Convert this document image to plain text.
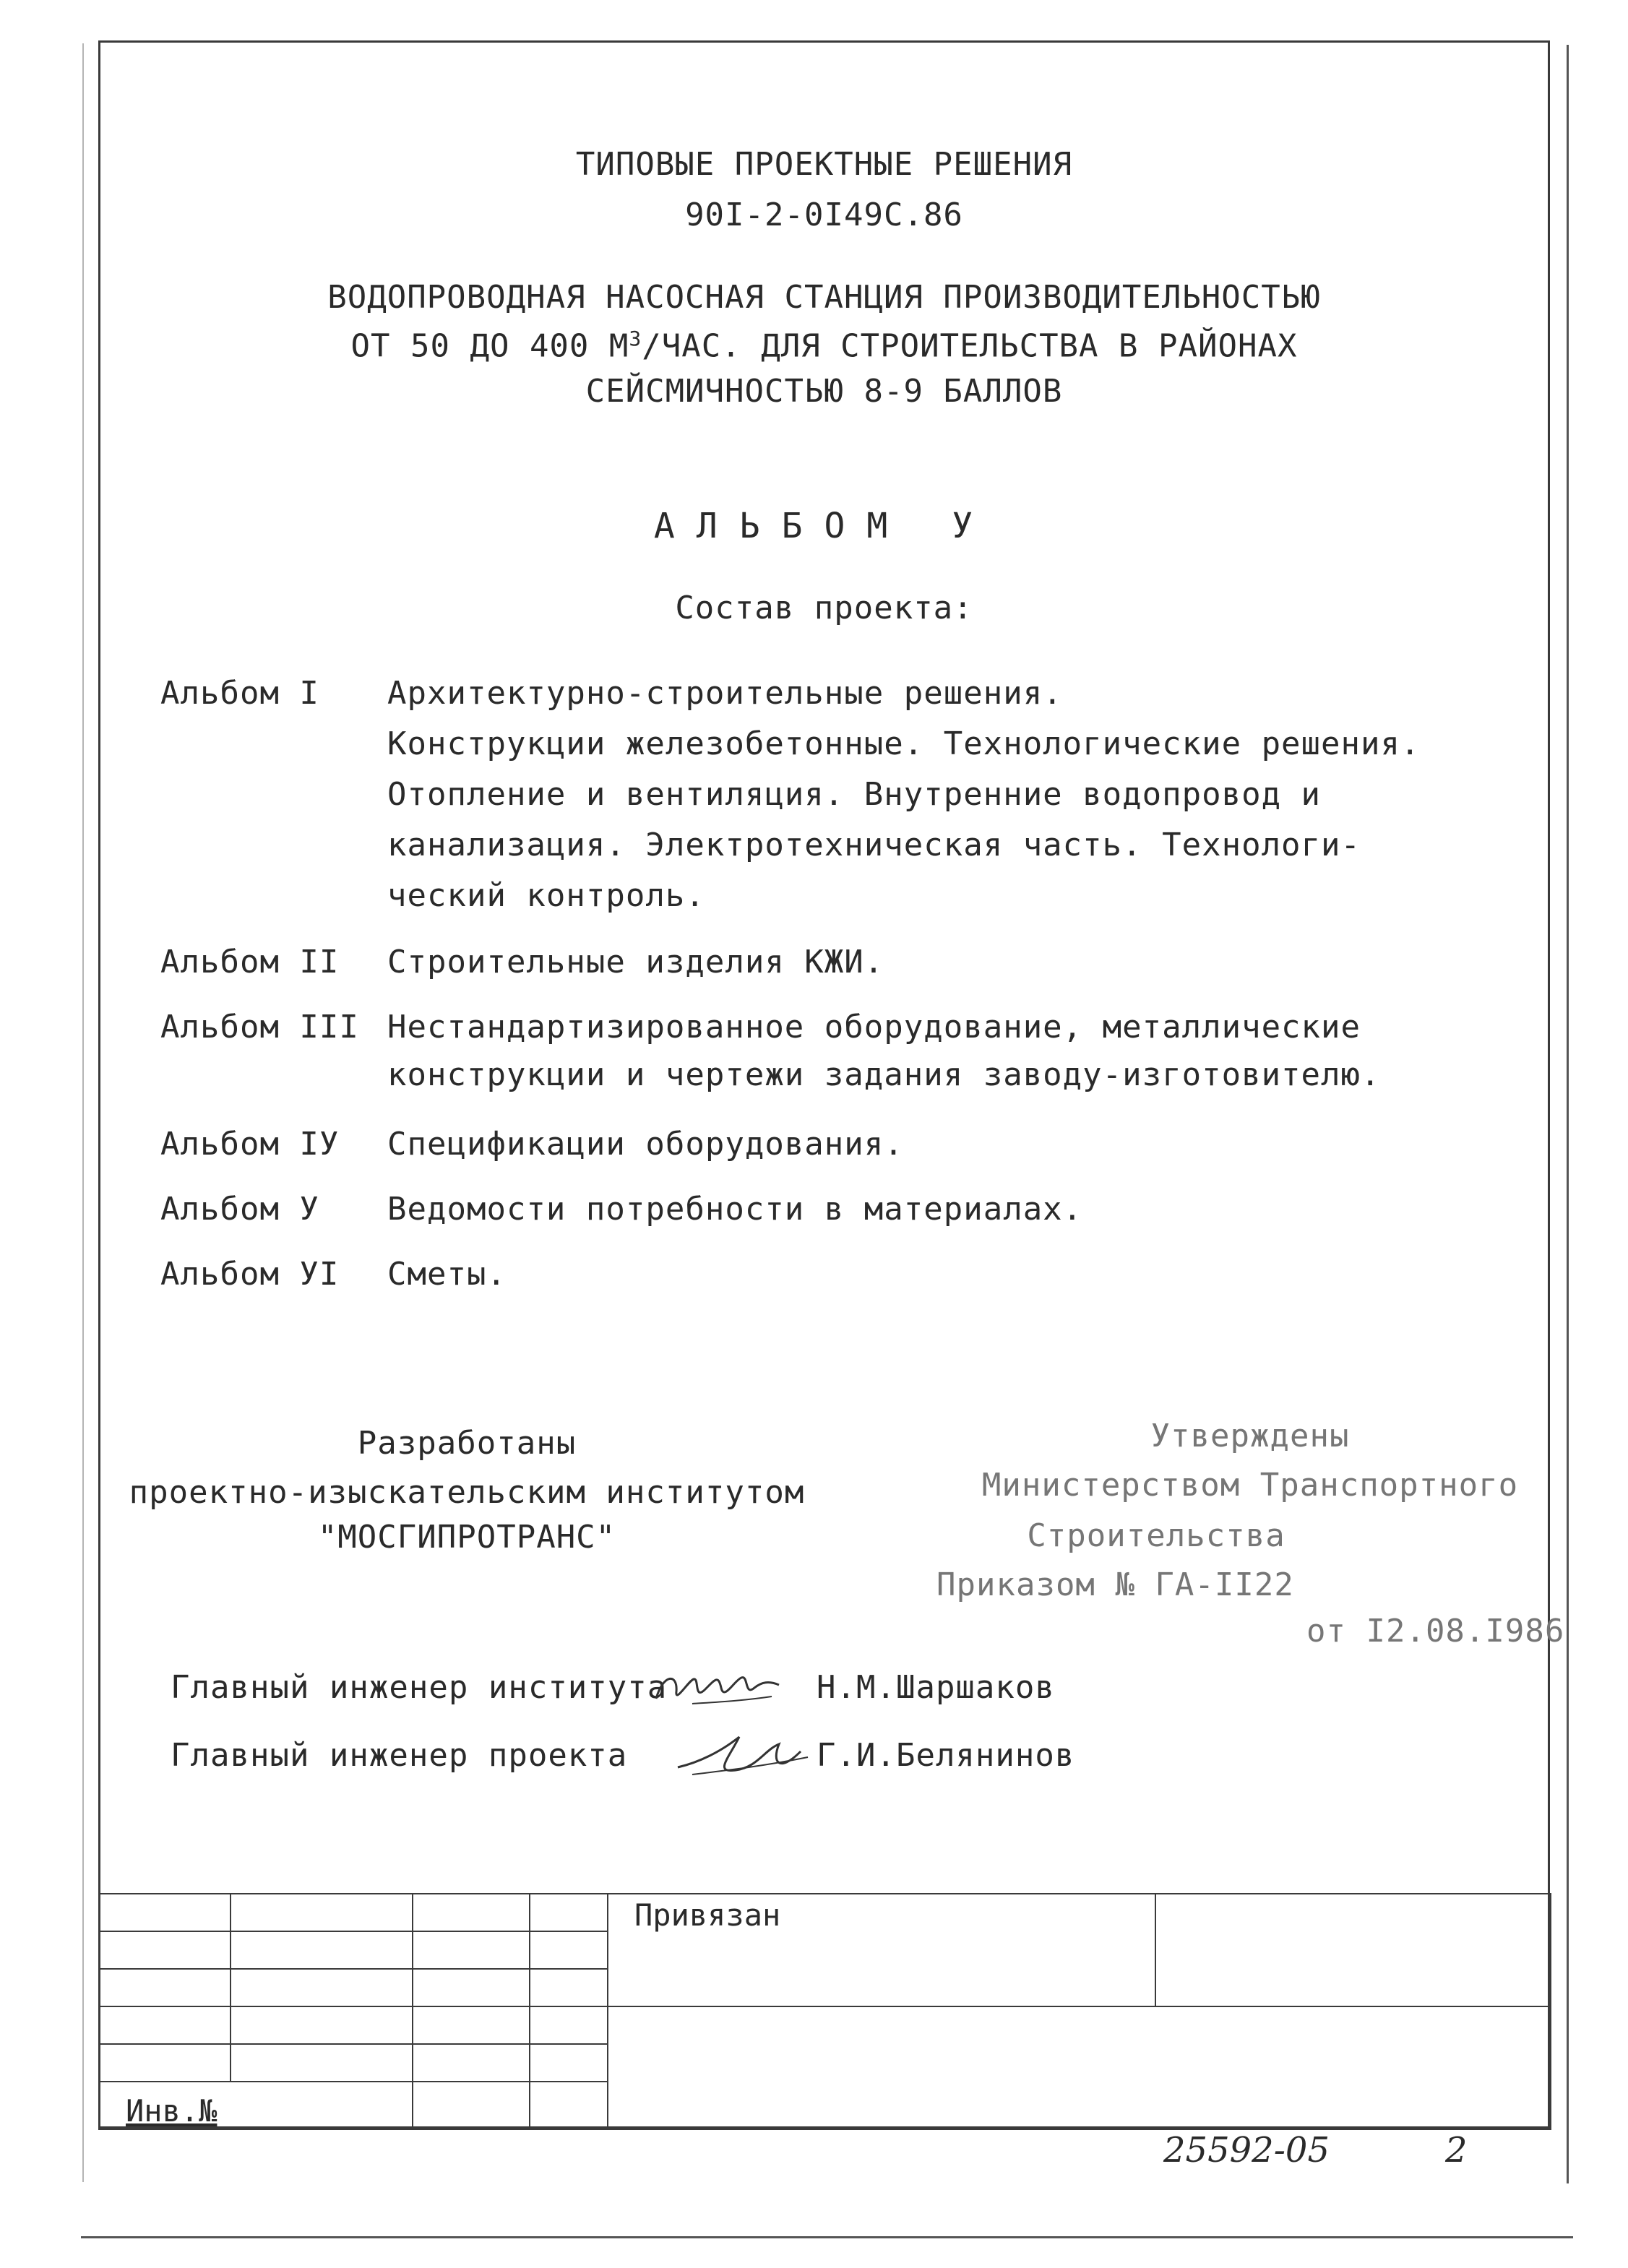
ТИПОВЫЕ ПРОЕКТНЫЕ РЕШЕНИЯ

90I-2-0I49С.86

ВОДОПРОВОДНАЯ НАСОСНАЯ СТАНЦИЯ ПРОИЗВОДИТЕЛЬНОСТЬЮ

ОТ 50 ДО 400 $М^3$/ЧАС. ДЛЯ СТРОИТЕЛЬСТВА В РАЙОНАХ

СЕЙСМИЧНОСТЬЮ 8-9 БАЛЛОВ

АЛЬБОМ У

Состав проекта:

Альбом I Архитектурно-строительные решения.

Конструкции железобетонные. Технологические решения.

Отопление и вентиляция. Внутренние водопровод и

канализация. Электротехническая часть. Технологи-

ческий контроль.

Альбом II Строительные изделия КЖИ.

Альбом III Нестандартизированное оборудование, металлические

конструкции и чертежи задания заводу-изготовителю.

Альбом IУ Спецификации оборудования.

Альбом У Ведомости потребности в материалах.

Альбом УI Сметы.

Разработаны

проектно-изыскательским институтом

"МОСГИПРОТРАНС"

Утверждены

Министерством Транспортного

Строительства

Приказом № ГА-II22

от I2.08.I986

Главный инженер института	Н.М.Шаршаков

Главный инженер проекта	Г.И.Белянинов

				Привязан	

Инв.№					

25592-05	2
